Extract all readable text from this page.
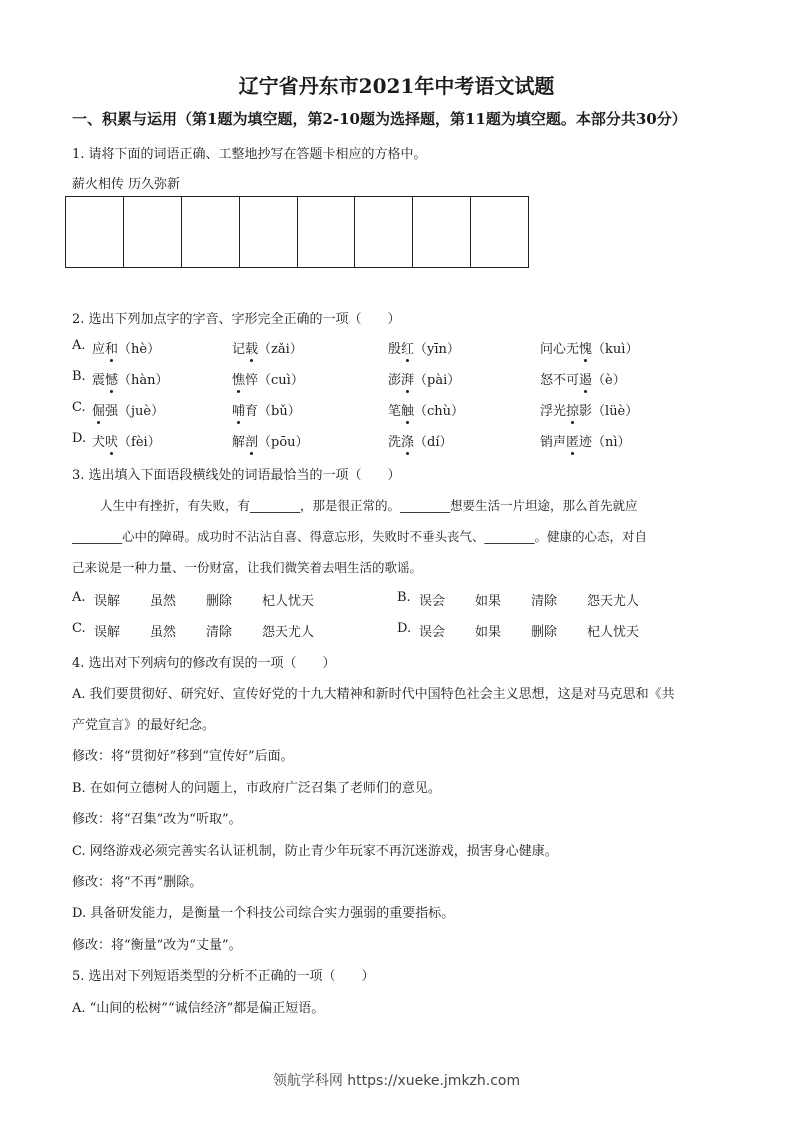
辽宁省丹东市2021年中考语文试题
一、积累与运用（第1题为填空题，第2-10题为选择题，第11题为填空题。本部分共30分）
1. 请将下面的词语正确、工整地抄写在答题卡相应的方格中。
薪火相传 历久弥新
2. 选出下列加点字的字音、字形完全正确的一项（　　）
A. 应和（hè）	记载（zǎi）	殷红（yīn）	问心无愧（kuì）
B. 震憾（hàn）	憔悴（cuì）	澎湃（pài）	怒不可遏（è）
C. 倔强（juè）	哺育（bǔ）	笔触（chù）	浮光掠影（lüè）
D. 犬吠（fèi）	解剖（pōu）	洗涤（dí）	销声匿迹（nì）
3. 选出填入下面语段横线处的词语最恰当的一项（　　）
人生中有挫折，有失败，有________，那是很正常的。________想要生活一片坦途，那么首先就应
________心中的障碍。成功时不沾沾自喜、得意忘形，失败时不垂头丧气、________。健康的心态，对自
己来说是一种力量、一份财富，让我们微笑着去唱生活的歌谣。
A. 误解 虽然 删除 杞人忧天	B. 误会 如果 清除 怨天尤人
C. 误解 虽然 清除 怨天尤人	D. 误会 如果 删除 杞人忧天
4. 选出对下列病句的修改有误的一项（　　）
A. 我们要贯彻好、研究好、宣传好党的十九大精神和新时代中国特色社会主义思想，这是对马克思和《共
产党宣言》的最好纪念。
修改：将“贯彻好”移到“宣传好”后面。
B. 在如何立德树人的问题上，市政府广泛召集了老师们的意见。
修改：将“召集”改为“听取”。
C. 网络游戏必须完善实名认证机制，防止青少年玩家不再沉迷游戏，损害身心健康。
修改：将“不再”删除。
D. 具备研发能力，是衡量一个科技公司综合实力强弱的重要指标。
修改：将“衡量”改为“丈量”。
5. 选出对下列短语类型的分析不正确的一项（　　）
A. “山间的松树”“诚信经济”都是偏正短语。
领航学科网 https://xueke.jmkzh.com
